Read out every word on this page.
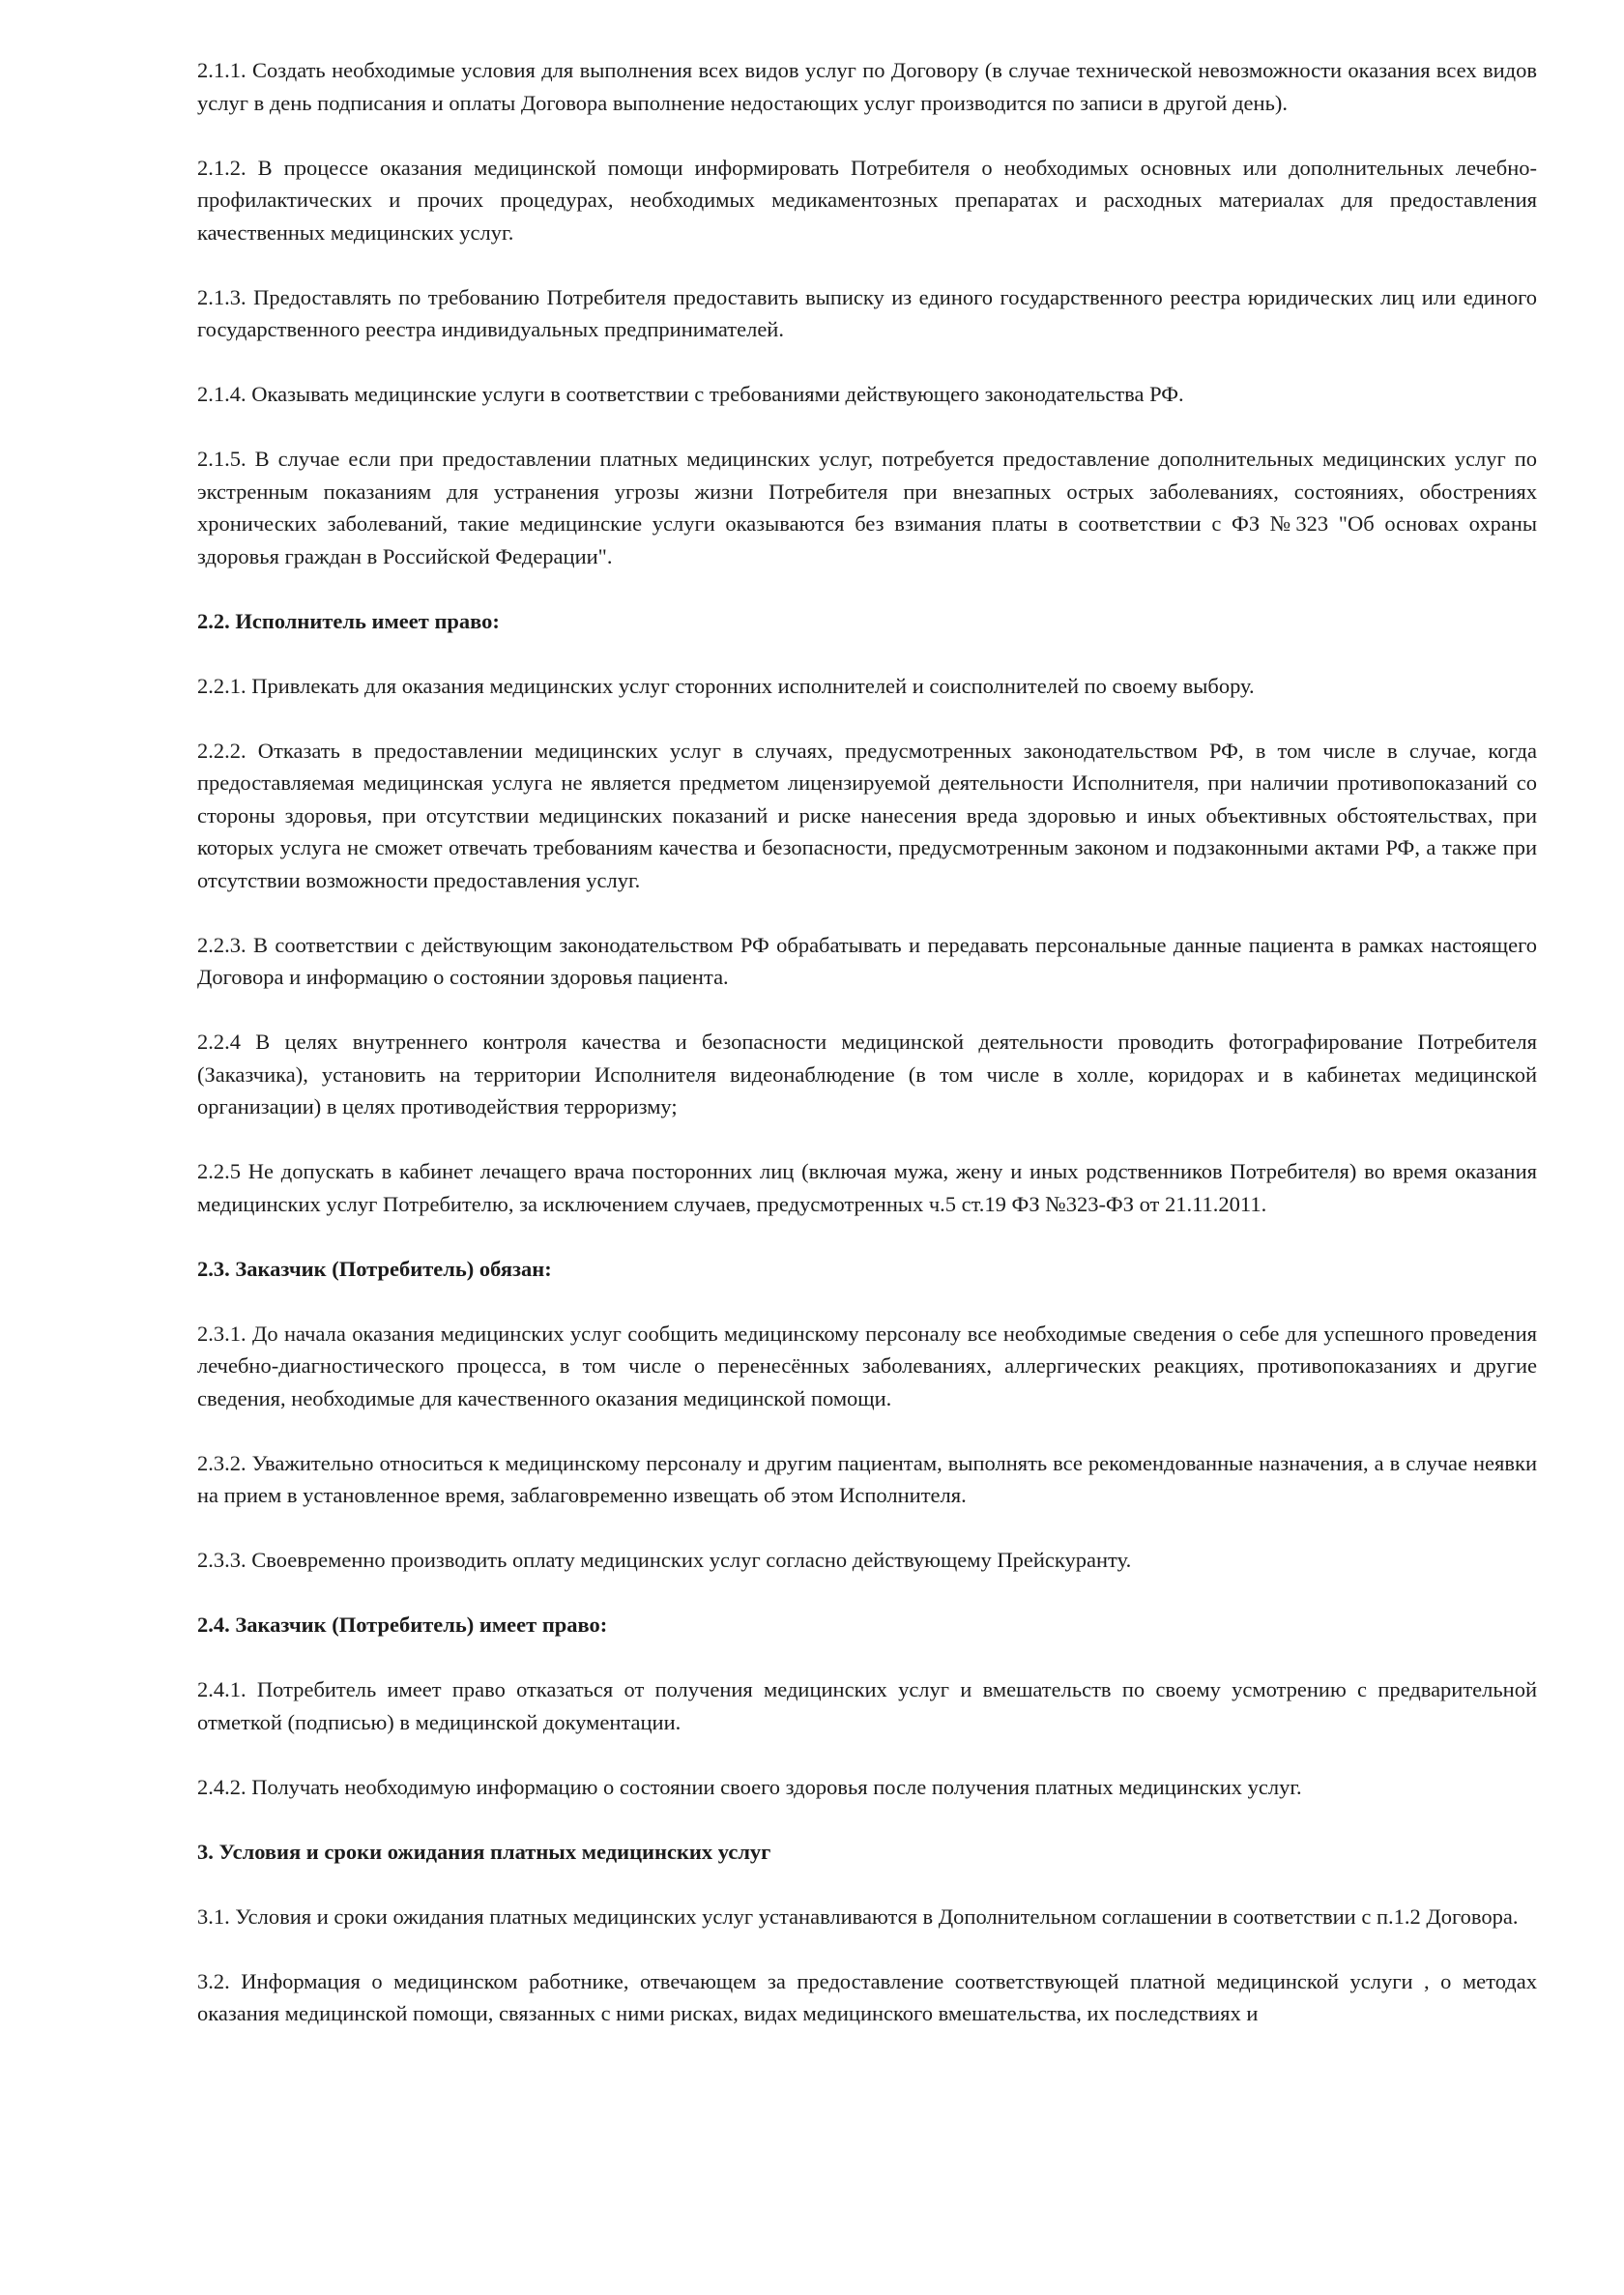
2.1.1. Создать необходимые условия для выполнения всех видов услуг по Договору (в случае технической невозможности оказания всех видов услуг в день подписания и оплаты Договора выполнение недостающих услуг производится по записи в другой день).

2.1.2. В процессе оказания медицинской помощи информировать Потребителя о необходимых основных или дополнительных лечебно-профилактических и прочих процедурах, необходимых медикаментозных препаратах и расходных материалах для предоставления качественных медицинских услуг.

2.1.3. Предоставлять по требованию Потребителя предоставить выписку из единого государственного реестра юридических лиц или единого государственного реестра индивидуальных предпринимателей.

2.1.4. Оказывать медицинские услуги в соответствии с требованиями действующего законодательства РФ.

2.1.5. В случае если при предоставлении платных медицинских услуг, потребуется предоставление дополнительных медицинских услуг по экстренным показаниям для устранения угрозы жизни Потребителя при внезапных острых заболеваниях, состояниях, обострениях хронических заболеваний, такие медицинские услуги оказываются без взимания платы в соответствии с ФЗ №323 "Об основах охраны здоровья граждан в Российской Федерации".

2.2. Исполнитель имеет право:

2.2.1. Привлекать для оказания медицинских услуг сторонних исполнителей и соисполнителей по своему выбору.

2.2.2. Отказать в предоставлении медицинских услуг в случаях, предусмотренных законодательством РФ, в том числе в случае, когда предоставляемая медицинская услуга не является предметом лицензируемой деятельности Исполнителя, при наличии противопоказаний со стороны здоровья, при отсутствии медицинских показаний и риске нанесения вреда здоровью и иных объективных обстоятельствах, при которых услуга не сможет отвечать требованиям качества и безопасности, предусмотренным законом и подзаконными актами РФ, а также при отсутствии возможности предоставления услуг.

2.2.3. В соответствии с действующим законодательством РФ обрабатывать и передавать персональные данные пациента в рамках настоящего Договора и информацию о состоянии здоровья пациента.

2.2.4 В целях внутреннего контроля качества и безопасности медицинской деятельности проводить фотографирование Потребителя (Заказчика), установить на территории Исполнителя видеонаблюдение (в том числе в холле, коридорах и в кабинетах медицинской организации) в целях противодействия терроризму;

2.2.5 Не допускать в кабинет лечащего врача посторонних лиц (включая мужа, жену и иных родственников Потребителя) во время оказания медицинских услуг Потребителю, за исключением случаев, предусмотренных ч.5 ст.19 ФЗ №323-ФЗ от 21.11.2011.

2.3. Заказчик (Потребитель) обязан:

2.3.1. До начала оказания медицинских услуг сообщить медицинскому персоналу все необходимые сведения о себе для успешного проведения лечебно-диагностического процесса, в том числе о перенесённых заболеваниях, аллергических реакциях, противопоказаниях и другие сведения, необходимые для качественного оказания медицинской помощи.

2.3.2. Уважительно относиться к медицинскому персоналу и другим пациентам, выполнять все рекомендованные назначения, а в случае неявки на прием в установленное время, заблаговременно извещать об этом Исполнителя.

2.3.3. Своевременно производить оплату медицинских услуг согласно действующему Прейскуранту.

2.4. Заказчик (Потребитель) имеет право:

2.4.1. Потребитель имеет право отказаться от получения медицинских услуг и вмешательств по своему усмотрению с предварительной отметкой (подписью) в медицинской документации.

2.4.2. Получать необходимую информацию о состоянии своего здоровья после получения платных медицинских услуг.

3. Условия и сроки ожидания платных медицинских услуг

3.1. Условия и сроки ожидания платных медицинских услуг устанавливаются в Дополнительном соглашении в соответствии с п.1.2 Договора.

3.2. Информация о медицинском работнике, отвечающем за предоставление соответствующей платной медицинской услуги , о методах оказания медицинской помощи, связанных с ними рисках, видах медицинского вмешательства, их последствиях и
